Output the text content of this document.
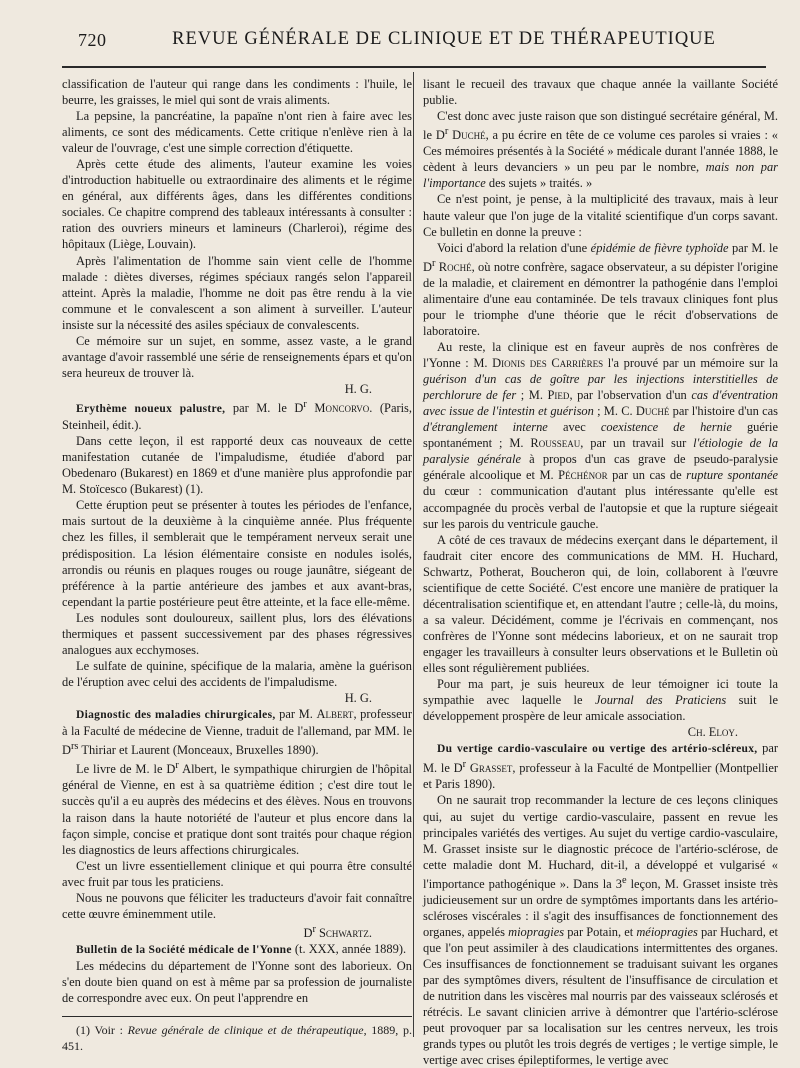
720	REVUE GÉNÉRALE DE CLINIQUE ET DE THÉRAPEUTIQUE

classification de l'auteur qui range dans les condiments : l'huile, le beurre, les graisses, le miel qui sont de vrais aliments.

La pepsine, la pancréatine, la papaïne n'ont rien à faire avec les aliments, ce sont des médicaments. Cette critique n'enlève rien à la valeur de l'ouvrage, c'est une simple correction d'étiquette.

Après cette étude des aliments, l'auteur examine les voies d'introduction habituelle ou extraordinaire des aliments et le régime en général, aux différents âges, dans les différentes conditions sociales. Ce chapitre comprend des tableaux intéressants à consulter : ration des ouvriers mineurs et lamineurs (Charleroi), régime des hôpitaux (Liège, Louvain).

Après l'alimentation de l'homme sain vient celle de l'homme malade : diètes diverses, régimes spéciaux rangés selon l'appareil atteint. Après la maladie, l'homme ne doit pas être rendu à la vie commune et le convalescent a son aliment à surveiller. L'auteur insiste sur la nécessité des asiles spéciaux de convalescents.

Ce mémoire sur un sujet, en somme, assez vaste, a le grand avantage d'avoir rassemblé une série de renseignements épars et qu'on sera heureux de trouver là.

H. G.

Erythème noueux palustre, par M. le $D^r$ Moncorvo. (Paris, Steinheil, édit.).

Dans cette leçon, il est rapporté deux cas nouveaux de cette manifestation cutanée de l'impaludisme, étudiée d'abord par Obedenaro (Bukarest) en 1869 et d'une manière plus approfondie par M. Stoïcesco (Bukarest) (1).

Cette éruption peut se présenter à toutes les périodes de l'enfance, mais surtout de la deuxième à la cinquième année. Plus fréquente chez les filles, il semblerait que le tempérament nerveux serait une prédisposition. La lésion élémentaire consiste en nodules isolés, arrondis ou réunis en plaques rouges ou rouge jaunâtre, siégeant de préférence à la partie antérieure des jambes et aux avant-bras, cependant la partie postérieure peut être atteinte, et la face elle-même.

Les nodules sont douloureux, saillent plus, lors des élévations thermiques et passent successivement par des phases régressives analogues aux ecchymoses.

Le sulfate de quinine, spécifique de la malaria, amène la guérison de l'éruption avec celui des accidents de l'impaludisme.

H. G.

Diagnostic des maladies chirurgicales, par M. Albert, professeur à la Faculté de médecine de Vienne, traduit de l'allemand, par MM. le $D^{rs}$ Thiriar et Laurent (Monceaux, Bruxelles 1890).

Le livre de M. le $D^r$ Albert, le sympathique chirurgien de l'hôpital général de Vienne, en est à sa quatrième édition ; c'est dire tout le succès qu'il a eu auprès des médecins et des élèves. Nous en trouvons la raison dans la haute notoriété de l'auteur et plus encore dans la façon simple, concise et pratique dont sont traités pour chaque région les diagnostics de leurs affections chirurgicales.

C'est un livre essentiellement clinique et qui pourra être consulté avec fruit par tous les praticiens.

Nous ne pouvons que féliciter les traducteurs d'avoir fait connaître cette œuvre éminemment utile.

$D^r$ Schwartz.

Bulletin de la Société médicale de l'Yonne (t. XXX, année 1889).

Les médecins du département de l'Yonne sont des laborieux. On s'en doute bien quand on est à même par sa profession de journaliste de correspondre avec eux. On peut l'apprendre en

(1) Voir : Revue générale de clinique et de thérapeutique, 1889, p. 451.

lisant le recueil des travaux que chaque année la vaillante Société publie.

C'est donc avec juste raison que son distingué secrétaire général, M. le $D^r$ Duché, a pu écrire en tête de ce volume ces paroles si vraies : « Ces mémoires présentés à la Société » médicale durant l'année 1888, le cèdent à leurs devanciers » un peu par le nombre, mais non par l'importance des sujets » traités. »

Ce n'est point, je pense, à la multiplicité des travaux, mais à leur haute valeur que l'on juge de la vitalité scientifique d'un corps savant. Ce bulletin en donne la preuve :

Voici d'abord la relation d'une épidémie de fièvre typhoïde par M. le $D^r$ Roché, où notre confrère, sagace observateur, a su dépister l'origine de la maladie, et clairement en démontrer la pathogénie dans l'emploi alimentaire d'une eau contaminée. De tels travaux cliniques font plus pour le triomphe d'une théorie que le récit d'observations de laboratoire.

Au reste, la clinique est en faveur auprès de nos confrères de l'Yonne : M. Dionis des Carrières l'a prouvé par un mémoire sur la guérison d'un cas de goître par les injections interstitielles de perchlorure de fer ; M. Pied, par l'observation d'un cas d'éventration avec issue de l'intestin et guérison ; M. C. Duché par l'histoire d'un cas d'étranglement interne avec coexistence de hernie guérie spontanément ; M. Rousseau, par un travail sur l'étiologie de la paralysie générale à propos d'un cas grave de pseudo-paralysie générale alcoolique et M. Péchénor par un cas de rupture spontanée du cœur : communication d'autant plus intéressante qu'elle est accompagnée du procès verbal de l'autopsie et que la rupture siégeait sur les parois du ventricule gauche.

A côté de ces travaux de médecins exerçant dans le département, il faudrait citer encore des communications de MM. H. Huchard, Schwartz, Potherat, Boucheron qui, de loin, collaborent à l'œuvre scientifique de cette Société. C'est encore une manière de pratiquer la décentralisation scientifique et, en attendant l'autre ; celle-là, du moins, a sa valeur. Décidément, comme je l'écrivais en commençant, nos confrères de l'Yonne sont médecins laborieux, et on ne saurait trop engager les travailleurs à consulter leurs observations et le Bulletin où elles sont régulièrement publiées.

Pour ma part, je suis heureux de leur témoigner ici toute la sympathie avec laquelle le Journal des Praticiens suit le développement prospère de leur amicale association.

Ch. Eloy.

Du vertige cardio-vasculaire ou vertige des artério-scléreux, par M. le $D^r$ Grasset, professeur à la Faculté de Montpellier (Montpellier et Paris 1890).

On ne saurait trop recommander la lecture de ces leçons cliniques qui, au sujet du vertige cardio-vasculaire, passent en revue les principales variétés des vertiges. Au sujet du vertige cardio-vasculaire, M. Grasset insiste sur le diagnostic précoce de l'artério-sclérose, de cette maladie dont M. Huchard, dit-il, a développé et vulgarisé « l'importance pathogénique ». Dans la 3e leçon, M. Grasset insiste très judicieusement sur un ordre de symptômes importants dans les artério-scléroses viscérales : il s'agit des insuffisances de fonctionnement des organes, appelés miopragies par Potain, et méiopragies par Huchard, et que l'on peut assimiler à des claudications intermittentes des organes. Ces insuffisances de fonctionnement se traduisant suivant les organes par des symptômes divers, résultent de l'insuffisance de circulation et de nutrition dans les viscères mal nourris par des vaisseaux sclérosés et rétrécis. Le savant clinicien arrive à démontrer que l'artério-sclérose peut provoquer par sa localisation sur les centres nerveux, les trois grands types ou plutôt les trois degrés de vertiges ; le vertige simple, le vertige avec crises épileptiformes, le vertige avec
